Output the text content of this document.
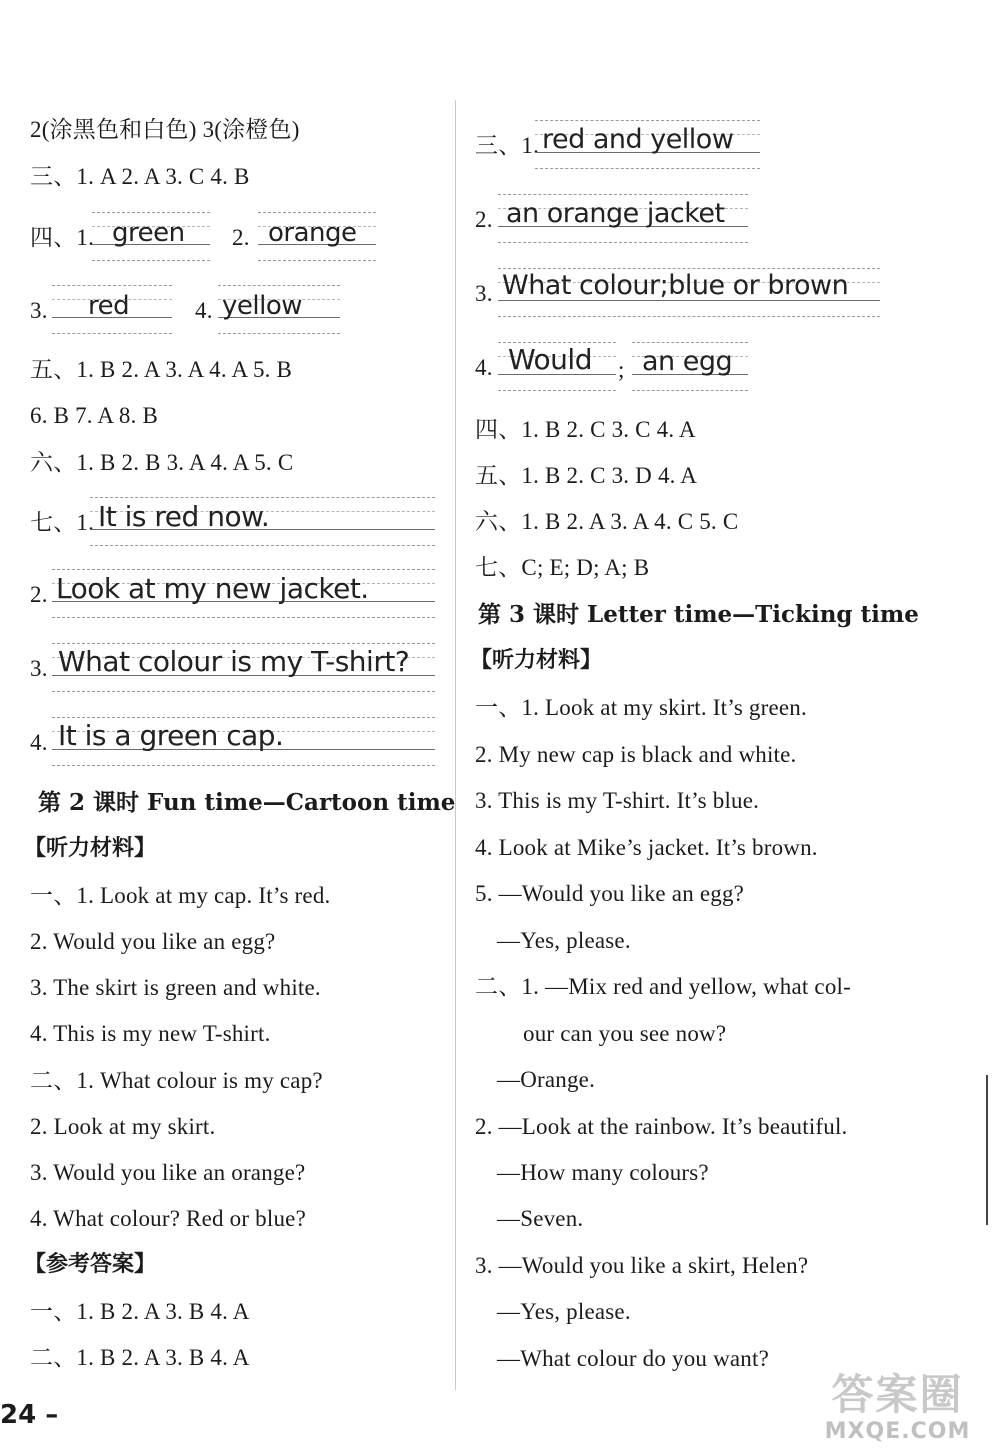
2(涂黑色和白色) 3(涂橙色)
三、1. A 2. A 3. C 4. B
四、1. green 2. orange
3. red	4. yellow
五、1. B 2. A 3. A 4. A 5. B
6. B 7. A 8. B
六、1. B 2. B 3. A 4. A 5. C
七、1. It is red now.
2. Look at my new jacket.
3. What colour is my T-shirt?
4. It is a green cap.
第 2 课时 Fun time—Cartoon time
【听力材料】
一、1. Look at my cap. It’s red.
2. Would you like an egg?
3. The skirt is green and white.
4. This is my new T-shirt.
二、1. What colour is my cap?
2. Look at my skirt.
3. Would you like an orange?
4. What colour? Red or blue?
【参考答案】
一、1. B 2. A 3. B 4. A
二、1. B 2. A 3. B 4. A
三、1. red and yellow
2. an orange jacket
3. What colour;blue or brown
4. Would ; an egg
四、1. B 2. C 3. C 4. A
五、1. B 2. C 3. D 4. A
六、1. B 2. A 3. A 4. C 5. C
七、C; E; D; A; B
第 3 课时 Letter time—Ticking time
【听力材料】
一、1. Look at my skirt. It’s green.
2. My new cap is black and white.
3. This is my T-shirt. It’s blue.
4. Look at Mike’s jacket. It’s brown.
5. —Would you like an egg?
—Yes, please.
二、1. —Mix red and yellow, what col-
our can you see now?
—Orange.
2. —Look at the rainbow. It’s beautiful.
—How many colours?
—Seven.
3. —Would you like a skirt, Helen?
—Yes, please.
—What colour do you want?
24 –	答案圈
MXQE.COM
